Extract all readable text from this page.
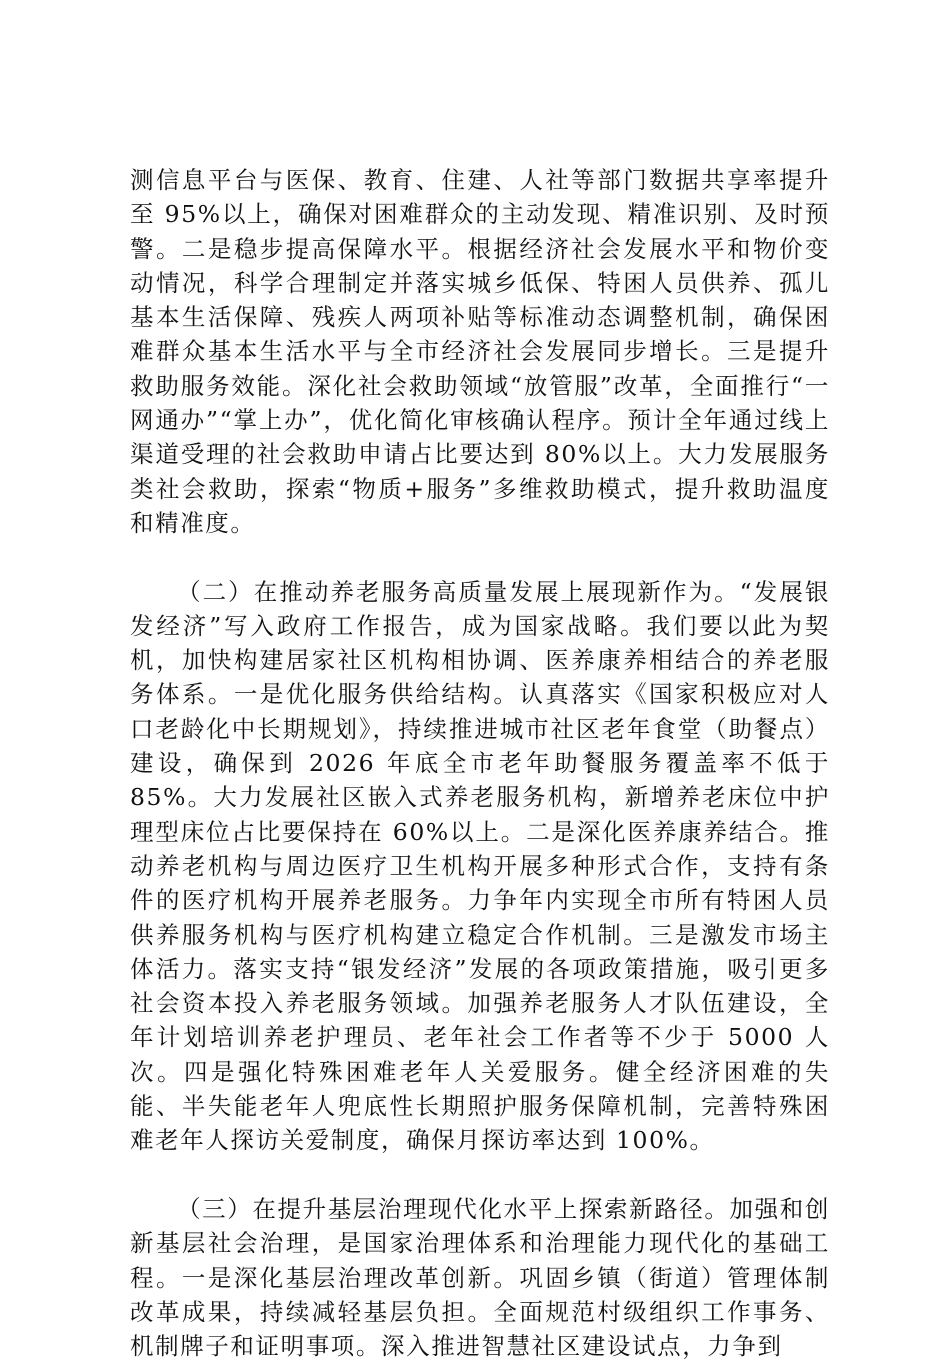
测信息平台与医保、教育、住建、人社等部门数据共享率提升至 95%以上，确保对困难群众的主动发现、精准识别、及时预警。二是稳步提高保障水平。根据经济社会发展水平和物价变动情况，科学合理制定并落实城乡低保、特困人员供养、孤儿基本生活保障、残疾人两项补贴等标准动态调整机制，确保困难群众基本生活水平与全市经济社会发展同步增长。三是提升救助服务效能。深化社会救助领域“放管服”改革，全面推行“一网通办”“掌上办”，优化简化审核确认程序。预计全年通过线上渠道受理的社会救助申请占比要达到 80%以上。大力发展服务类社会救助，探索“物质+服务”多维救助模式，提升救助温度和精准度。

（二）在推动养老服务高质量发展上展现新作为。“发展银发经济”写入政府工作报告，成为国家战略。我们要以此为契机，加快构建居家社区机构相协调、医养康养相结合的养老服务体系。一是优化服务供给结构。认真落实《国家积极应对人口老龄化中长期规划》，持续推进城市社区老年食堂（助餐点）建设，确保到 2026 年底全市老年助餐服务覆盖率不低于85%。大力发展社区嵌入式养老服务机构，新增养老床位中护理型床位占比要保持在 60%以上。二是深化医养康养结合。推动养老机构与周边医疗卫生机构开展多种形式合作，支持有条件的医疗机构开展养老服务。力争年内实现全市所有特困人员供养服务机构与医疗机构建立稳定合作机制。三是激发市场主体活力。落实支持“银发经济”发展的各项政策措施，吸引更多社会资本投入养老服务领域。加强养老服务人才队伍建设，全年计划培训养老护理员、老年社会工作者等不少于 5000 人次。四是强化特殊困难老年人关爱服务。健全经济困难的失能、半失能老年人兜底性长期照护服务保障机制，完善特殊困难老年人探访关爱制度，确保月探访率达到 100%。

（三）在提升基层治理现代化水平上探索新路径。加强和创新基层社会治理，是国家治理体系和治理能力现代化的基础工程。一是深化基层治理改革创新。巩固乡镇（街道）管理体制改革成果，持续减轻基层负担。全面规范村级组织工作事务、机制牌子和证明事项。深入推进智慧社区建设试点，力争到
